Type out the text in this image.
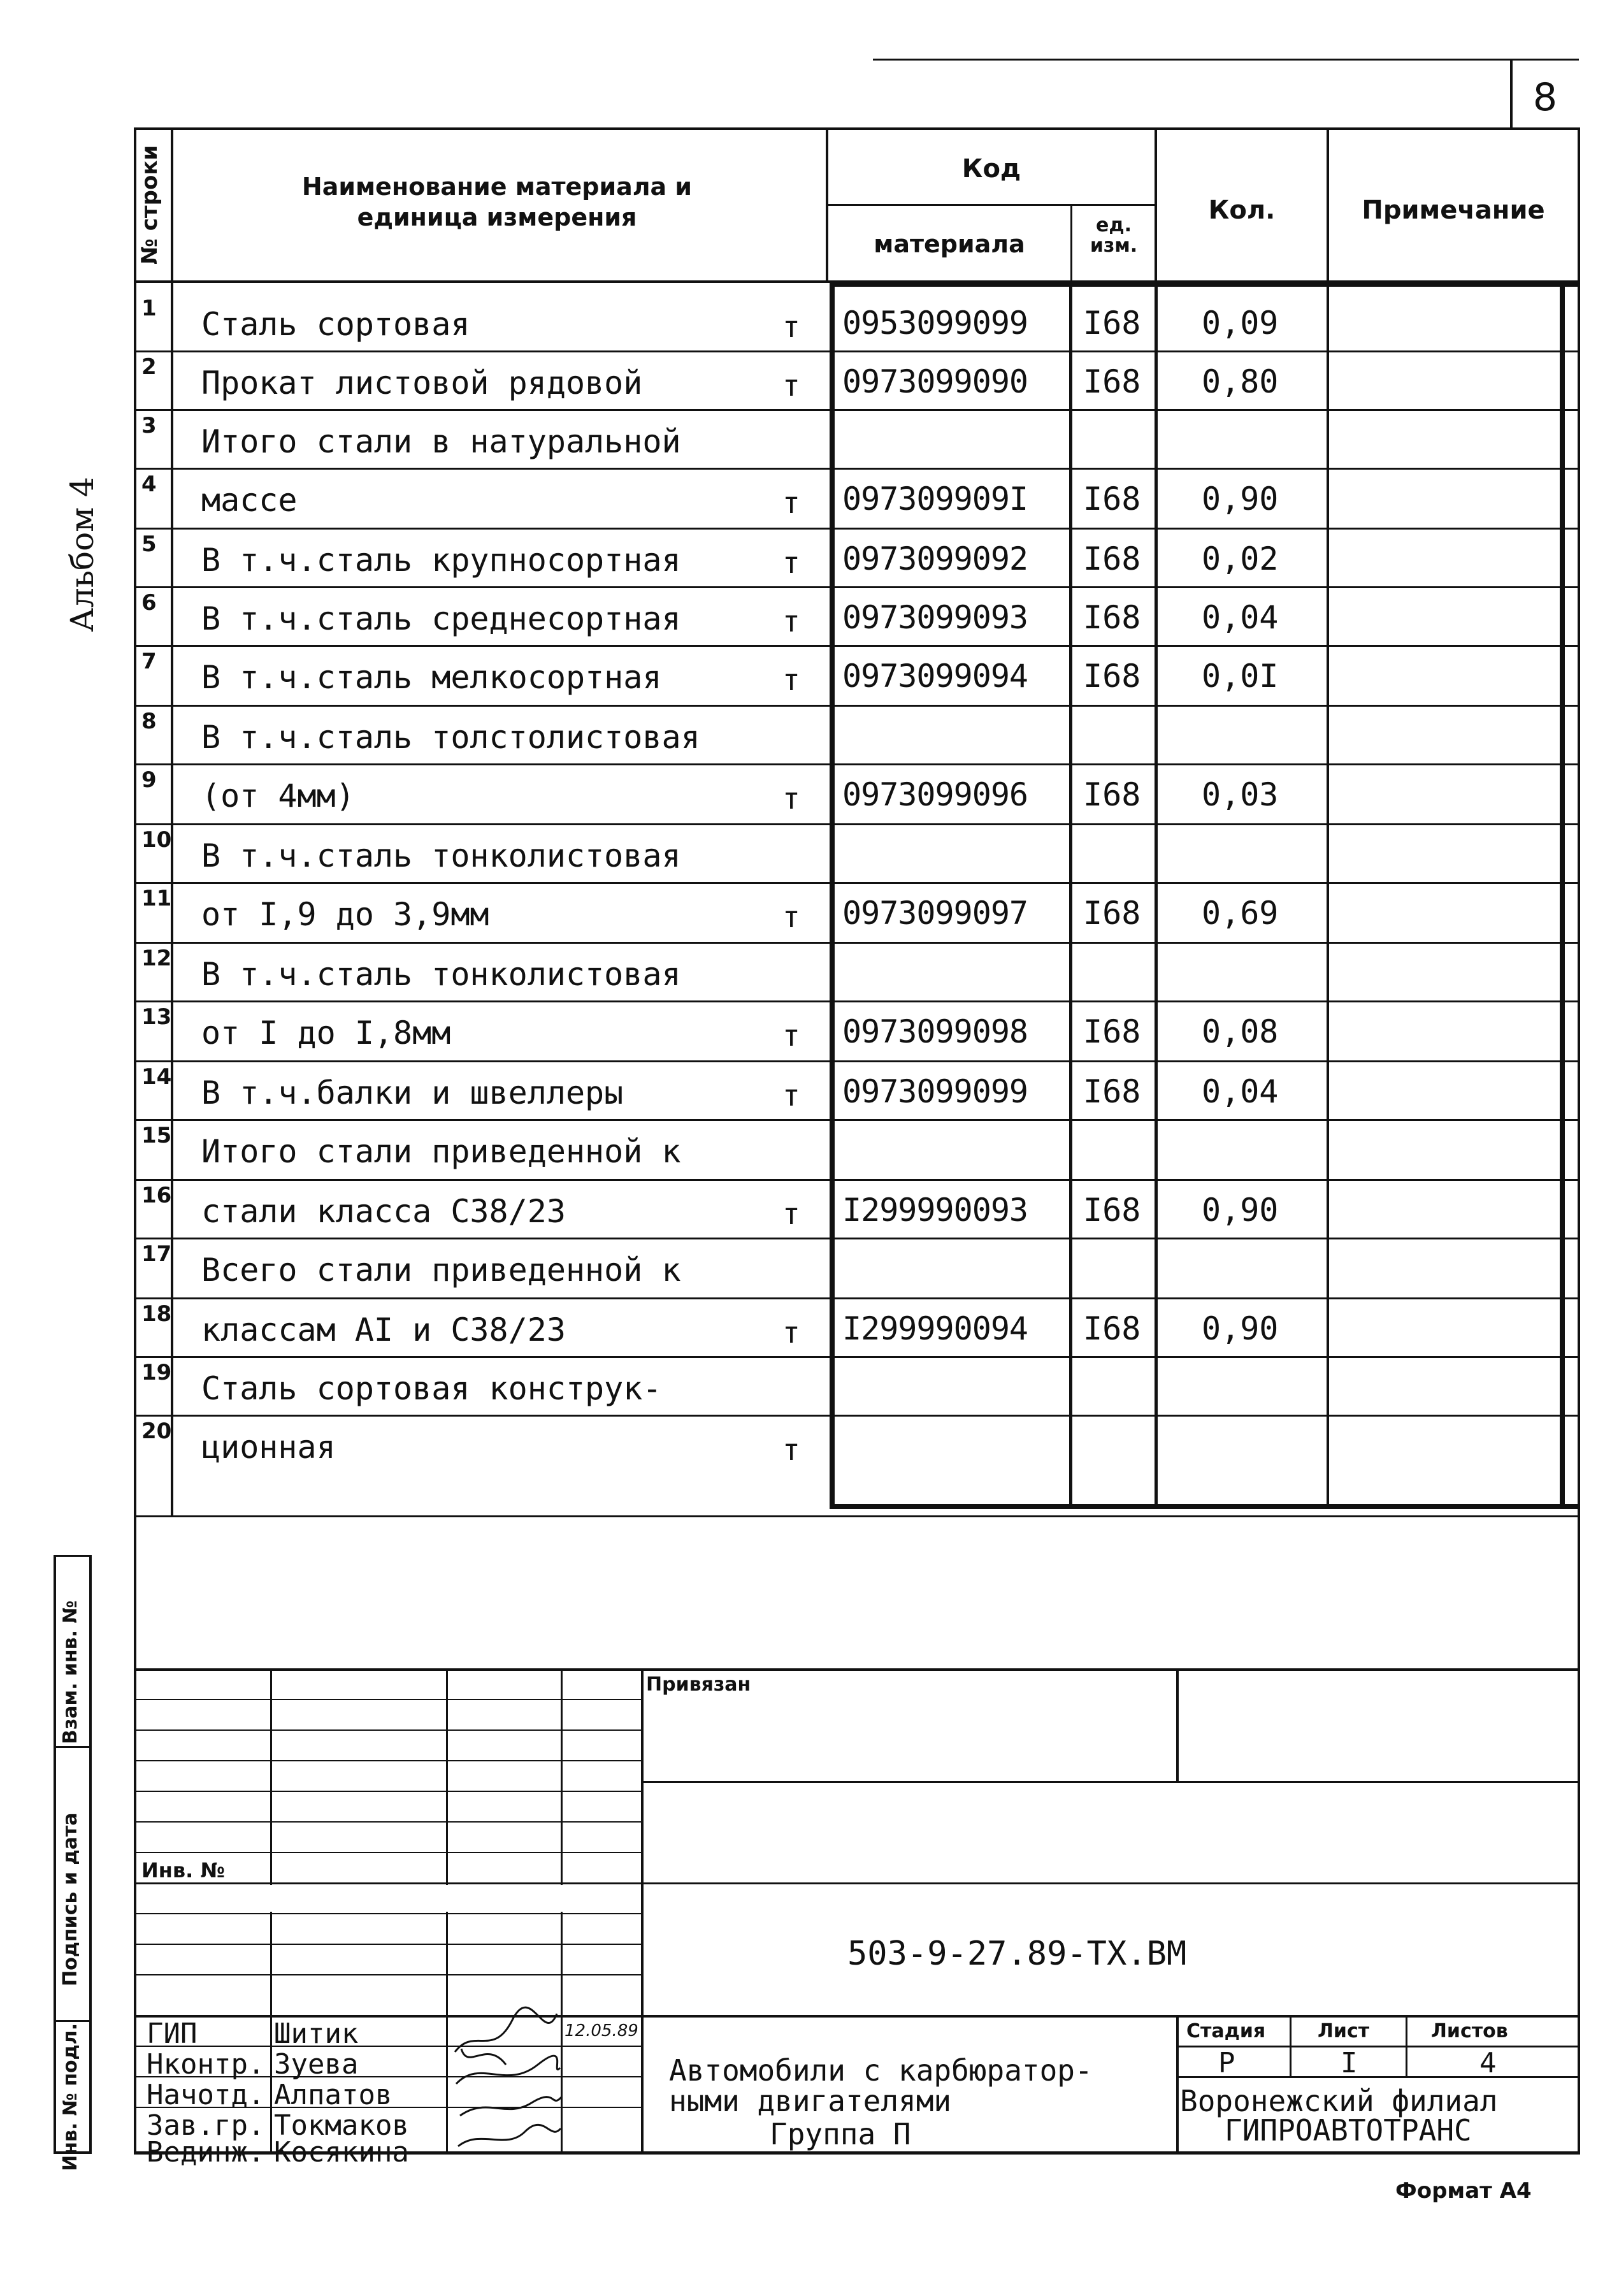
8
Альбом 4
№ строки	Наименование материала и единица измерения
Код
материала
ед. изм.
Кол.	Примечание
1 Сталь сортовая	т 0953099099 I68 0,09
2 Прокат листовой рядовой	т 0973099090 I68 0,80
3 Итого стали в натуральной
4 массе	т 097309909I I68 0,90
5 В т.ч.сталь крупносортная	т 0973099092 I68 0,02
6 В т.ч.сталь среднесортная	т 0973099093 I68 0,04
7 В т.ч.сталь мелкосортная	т 0973099094 I68 0,0I
8 В т.ч.сталь толстолистовая
9 (от 4мм)	т 0973099096 I68 0,03
10 В т.ч.сталь тонколистовая
11 от I,9 до 3,9мм	т 0973099097 I68 0,69
12 В т.ч.сталь тонколистовая
13 от I до I,8мм	т 0973099098 I68 0,08
14 В т.ч.балки и швеллеры	т 0973099099 I68 0,04
15 Итого стали приведенной к
16 стали класса С38/23	т I299990093 I68 0,90
17 Всего стали приведенной к
18 классам АI и С38/23	т I299990094 I68 0,90
19 Сталь сортовая конструк-
20 ционная	т
Взам. инв. №
Подпись и дата
Инв. № подл.
Привязан
Инв. №
503-9-27.89-ТХ.ВМ
ГИП	Шитик
Нконтр. Зуева
Начотд. Алпатов
Зав.гр. Токмаков
Вединж. Косякина
12.05.89
Автомобили с карбюратор-
ными двигателями
Группа П
Стадия	Лист	Листов
Р	I	4
Воронежский филиал
ГИПРОАВТОТРАНС
Формат А4
